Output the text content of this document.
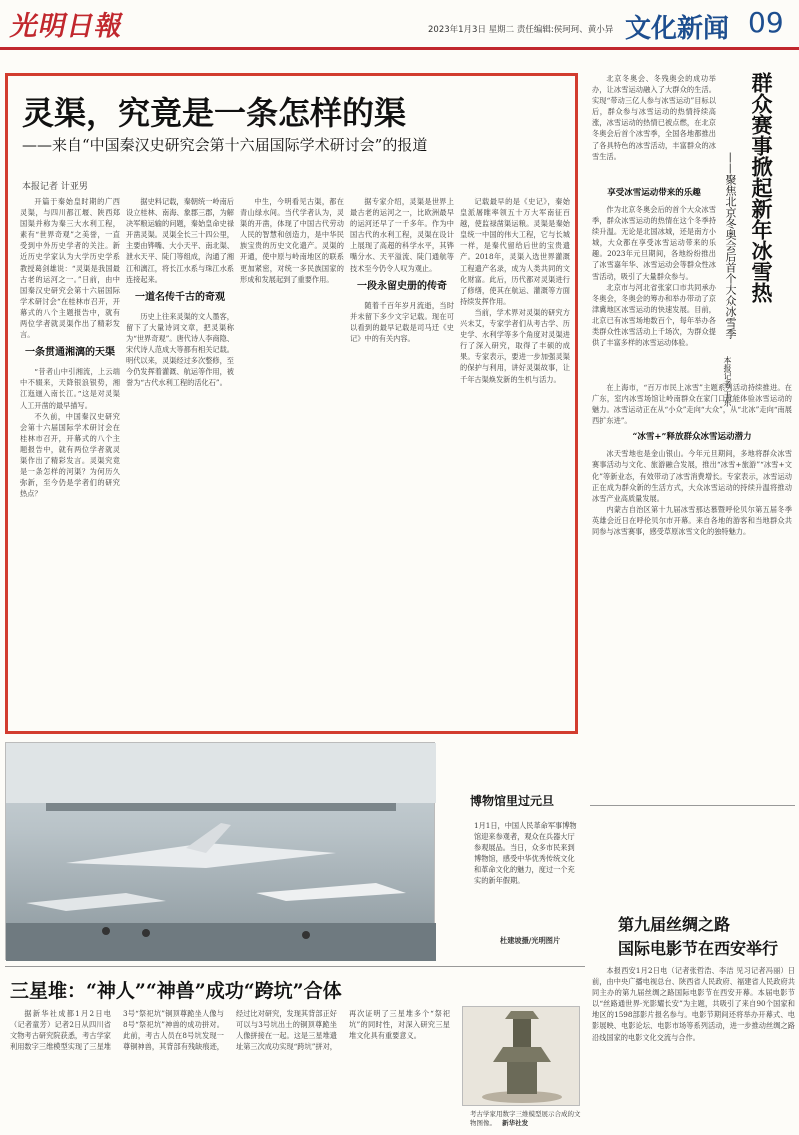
光明日報	2023年1月3日 星期二 责任编辑:侯珂珂、黄小异 文化新闻 09
灵渠，究竟是一条怎样的渠
——来自“中国秦汉史研究会第十六届国际学术研讨会”的报道
本报记者 计亚男

开篇于秦始皇时期的广西灵渠，与四川都江堰、陕西郑国渠并称为秦三大水利工程，素有“世界奇观”之美誉，一直受到中外历史学者的关注。新近历史学家认为大学历史学系教授葛剑雄说：“灵渠是我国最古老的运河之一。”日前，由中国秦汉史研究会第十六届国际学术研讨会“在桂林市召开，开幕式的八个主题报告中，就有两位学者就灵渠作出了精彩发言。

一条贯通湘漓的天渠

“昔者山中引湘流，上云端中不辍来，天降银浪银势，湘江迤逦入南长江。”这是对灵渠人工开凿的最早描写。

不久前，中国秦汉史研究会第十六届国际学术研讨会在桂林市召开，开幕式的八个主题报告中，就有两位学者就灵渠作出了精彩发言。灵渠究竟是一条怎样的河渠？为何历久弥新，至今仍是学者们的研究热点？

据史料记载，秦朝统一岭南后设立桂林、南海、象郡三郡，为解决军粮运输的问题，秦始皇命史禄开凿灵渠。灵渠全长三十四公里，主要由铧嘴、大小天平、南北渠、泄水天平、陡门等组成，沟通了湘江和漓江，将长江水系与珠江水系连接起来。

一道名传千古的奇观

历史上往来灵渠的文人墨客，留下了大量诗词文章，把灵渠称为“世界奇观”。唐代诗人李商隐、宋代诗人范成大等都有相关记载。明代以来，灵渠经过多次整修，至今仍发挥着灌溉、航运等作用，被誉为“古代水利工程的活化石”。

中生，今明看见古渠，都在青山绿水间。当代学者认为，灵渠的开凿，体现了中国古代劳动人民的智慧和创造力，是中华民族宝贵的历史文化遗产。灵渠的开通，使中原与岭南地区的联系更加紧密，对统一多民族国家的形成和发展起到了重要作用。

据专家介绍，灵渠是世界上最古老的运河之一，比欧洲最早的运河还早了一千多年。作为中国古代的水利工程，灵渠在设计上展现了高超的科学水平，其铧嘴分水、天平溢流、陡门通航等技术至今仍令人叹为观止。

一段永留史册的传奇

随着千百年岁月流逝，当时并未留下多少文字记载。现在可以看到的最早记载是司马迁《史记》中的有关内容。

记载最早的是《史记》，秦始皇派屠睢率领五十万大军南征百越，使监禄凿渠运粮。灵渠是秦始皇统一中国的伟大工程，它与长城一样，是秦代留给后世的宝贵遗产。2018年，灵渠入选世界灌溉工程遗产名录，成为人类共同的文化财富。此后，历代都对灵渠进行了修缮，使其在航运、灌溉等方面持续发挥作用。

当前，学术界对灵渠的研究方兴未艾，专家学者们从考古学、历史学、水利学等多个角度对灵渠进行了深入研究，取得了丰硕的成果。专家表示，要进一步加强灵渠的保护与利用，讲好灵渠故事，让千年古渠焕发新的生机与活力。

群众赛事掀起新年冰雪热
——聚焦北京冬奥会后首个大众冰雪季
本报记者 王东

北京冬奥会、冬残奥会的成功举办，让冰雪运动融入了大群众的生活。实现“带动三亿人参与冰雪运动”目标以后，群众参与冰雪运动的热情持续高涨，冰雪运动的热情已被点燃，在北京冬奥会后首个冰雪季，全国各地都推出了各具特色的冰雪活动，丰富群众的冰雪生活。

享受冰雪运动带来的乐趣

作为北京冬奥会后的首个大众冰雪季，群众冰雪运动的热情在这个冬季持续升温。无论是北国冰城，还是南方小城，大众都在享受冰雪运动带来的乐趣。2023年元旦期间，各地纷纷推出了冰雪嘉年华、冰雪运动会等群众性冰雪活动，吸引了大量群众参与。

北京市与河北省张家口市共同承办冬奥会，冬奥会的筹办和举办带动了京津冀地区冰雪运动的快速发展。目前，北京已有冰雪场地数百个，每年举办各类群众性冰雪活动上千场次，为群众提供了丰富多样的冰雪运动体验。

在上海市，“百万市民上冰雪”主题系列活动持续推进。在广东，室内冰雪场馆让岭南群众在家门口就能体验冰雪运动的魅力。冰雪运动正在从“小众”走向“大众”，从“北冰”走向“南展西扩东进”。

“冰雪+”释放群众冰雪运动潜力

冰天雪地也是金山银山。今年元旦期间，多地将群众冰雪赛事活动与文化、旅游融合发展，推出“冰雪+旅游”“冰雪+文化”等新业态，有效带动了冰雪消费增长。专家表示，冰雪运动正在成为群众新的生活方式，大众冰雪运动的持续升温将推动冰雪产业高质量发展。

内蒙古自治区第十九届冰雪那达慕暨呼伦贝尔第五届冬季英雄会近日在呼伦贝尔市开幕。来自各地的游客和当地群众共同参与冰雪赛事，感受草原冰雪文化的独特魅力。

博物馆里过元旦
1月1日，中国人民革命军事博物馆迎来参观者，观众在兵器大厅参观展品。当日，众多市民来到博物馆，感受中华优秀传统文化和革命文化的魅力，度过一个充实的新年假期。
杜建坡摄/光明图片
第九届丝绸之路
国际电影节在西安举行

本报西安1月2日电（记者张哲浩、李洁 见习记者冯丽）日前，由中央广播电视总台、陕西省人民政府、福建省人民政府共同主办的第九届丝绸之路国际电影节在西安开幕。本届电影节以“丝路通世界·光影耀长安”为主题，共吸引了来自90个国家和地区的1598部影片报名参与。电影节期间还将举办开幕式、电影展映、电影论坛、电影市场等系列活动，进一步推动丝绸之路沿线国家的电影文化交流与合作。

三星堆：“神人”“神兽”成功“跨坑”合体

据新华社成都1月2日电（记者童芳）记者2日从四川省文物考古研究院获悉，考古学家利用数字三维模型实现了三星堆3号“祭祀坑”铜顶尊跪坐人像与8号“祭祀坑”神兽的成功拼对。此前，考古人员在8号坑发现一尊铜神兽，其背部有残缺痕迹，经过比对研究，发现其背部正好可以与3号坑出土的铜顶尊跪坐人像拼接在一起。这是三星堆遗址第三次成功实现“跨坑”拼对，再次证明了三星堆多个“祭祀坑”的同时性，对深入研究三星堆文化具有重要意义。

考古学家用数字三维模型展示合成的文物图像。 新华社发
